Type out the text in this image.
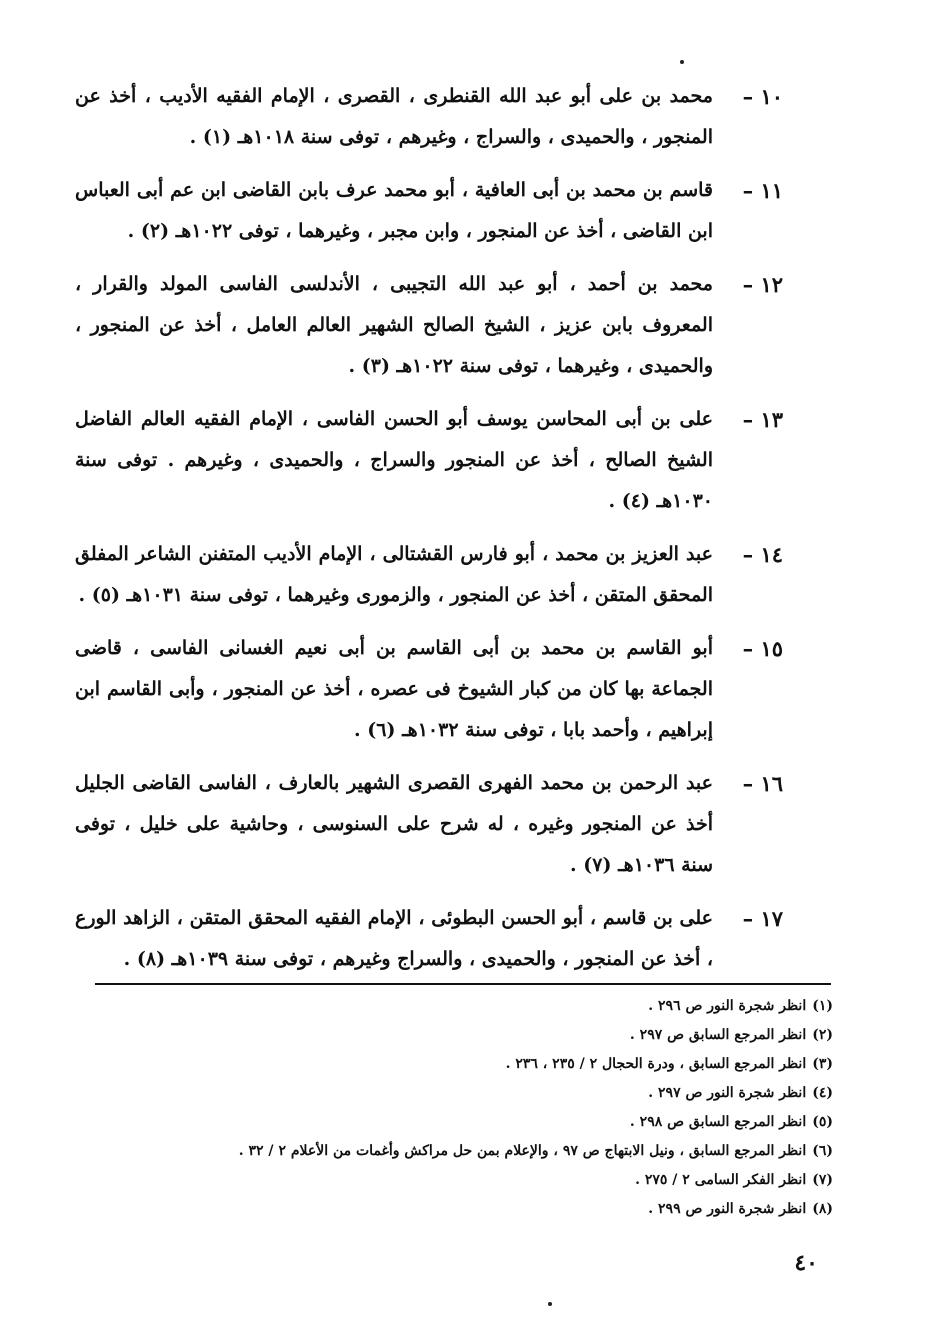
١٠ –
محمد بن على أبو عبد الله القنطرى ، القصرى ، الإمام الفقيه الأديب ، أخذ عن المنجور ، والحميدى ، والسراج ، وغيرهم ، توفى سنة ١٠١٨هـ (١) .
١١ –
قاسم بن محمد بن أبى العافية ، أبو محمد عرف بابن القاضى ابن عم أبى العباس ابن القاضى ، أخذ عن المنجور ، وابن مجبر ، وغيرهما ، توفى ١٠٢٢هـ (٢) .
١٢ –
محمد بن أحمد ، أبو عبد الله التجيبى ، الأندلسى الفاسى المولد والقرار ، المعروف بابن عزيز ، الشيخ الصالح الشهير العالم العامل ، أخذ عن المنجور ، والحميدى ، وغيرهما ، توفى سنة ١٠٢٢هـ (٣) .
١٣ –
على بن أبى المحاسن يوسف أبو الحسن الفاسى ، الإمام الفقيه العالم الفاضل الشيخ الصالح ، أخذ عن المنجور والسراج ، والحميدى ، وغيرهم . توفى سنة ١٠٣٠هـ (٤) .
١٤ –
عبد العزيز بن محمد ، أبو فارس القشتالى ، الإمام الأديب المتفنن الشاعر المفلق المحقق المتقن ، أخذ عن المنجور ، والزمورى وغيرهما ، توفى سنة ١٠٣١هـ (٥) .
١٥ –
أبو القاسم بن محمد بن أبى القاسم بن أبى نعيم الغسانى الفاسى ، قاضى الجماعة بها كان من كبار الشيوخ فى عصره ، أخذ عن المنجور ، وأبى القاسم ابن إبراهيم ، وأحمد بابا ، توفى سنة ١٠٣٢هـ (٦) .
١٦ –
عبد الرحمن بن محمد الفهرى القصرى الشهير بالعارف ، الفاسى القاضى الجليل أخذ عن المنجور وغيره ، له شرح على السنوسى ، وحاشية على خليل ، توفى سنة ١٠٣٦هـ (٧) .
١٧ –
على بن قاسم ، أبو الحسن البطوئى ، الإمام الفقيه المحقق المتقن ، الزاهد الورع ، أخذ عن المنجور ، والحميدى ، والسراج وغيرهم ، توفى سنة ١٠٣٩هـ (٨) .
(١)
انظر شجرة النور ص ٢٩٦ .
(٢)
انظر المرجع السابق ص ٢٩٧ .
(٣)
انظر المرجع السابق ، ودرة الحجال ٢ / ٢٣٥ ، ٢٣٦ .
(٤)
انظر شجرة النور ص ٢٩٧ .
(٥)
انظر المرجع السابق ص ٢٩٨ .
(٦)
انظر المرجع السابق ، ونيل الابتهاج ص ٩٧ ، والإعلام بمن حل مراكش وأغمات من الأعلام ٢ / ٣٢ .
(٧)
انظر الفكر السامى ٢ / ٢٧٥ .
(٨)
انظر شجرة النور ص ٢٩٩ .
٤٠
